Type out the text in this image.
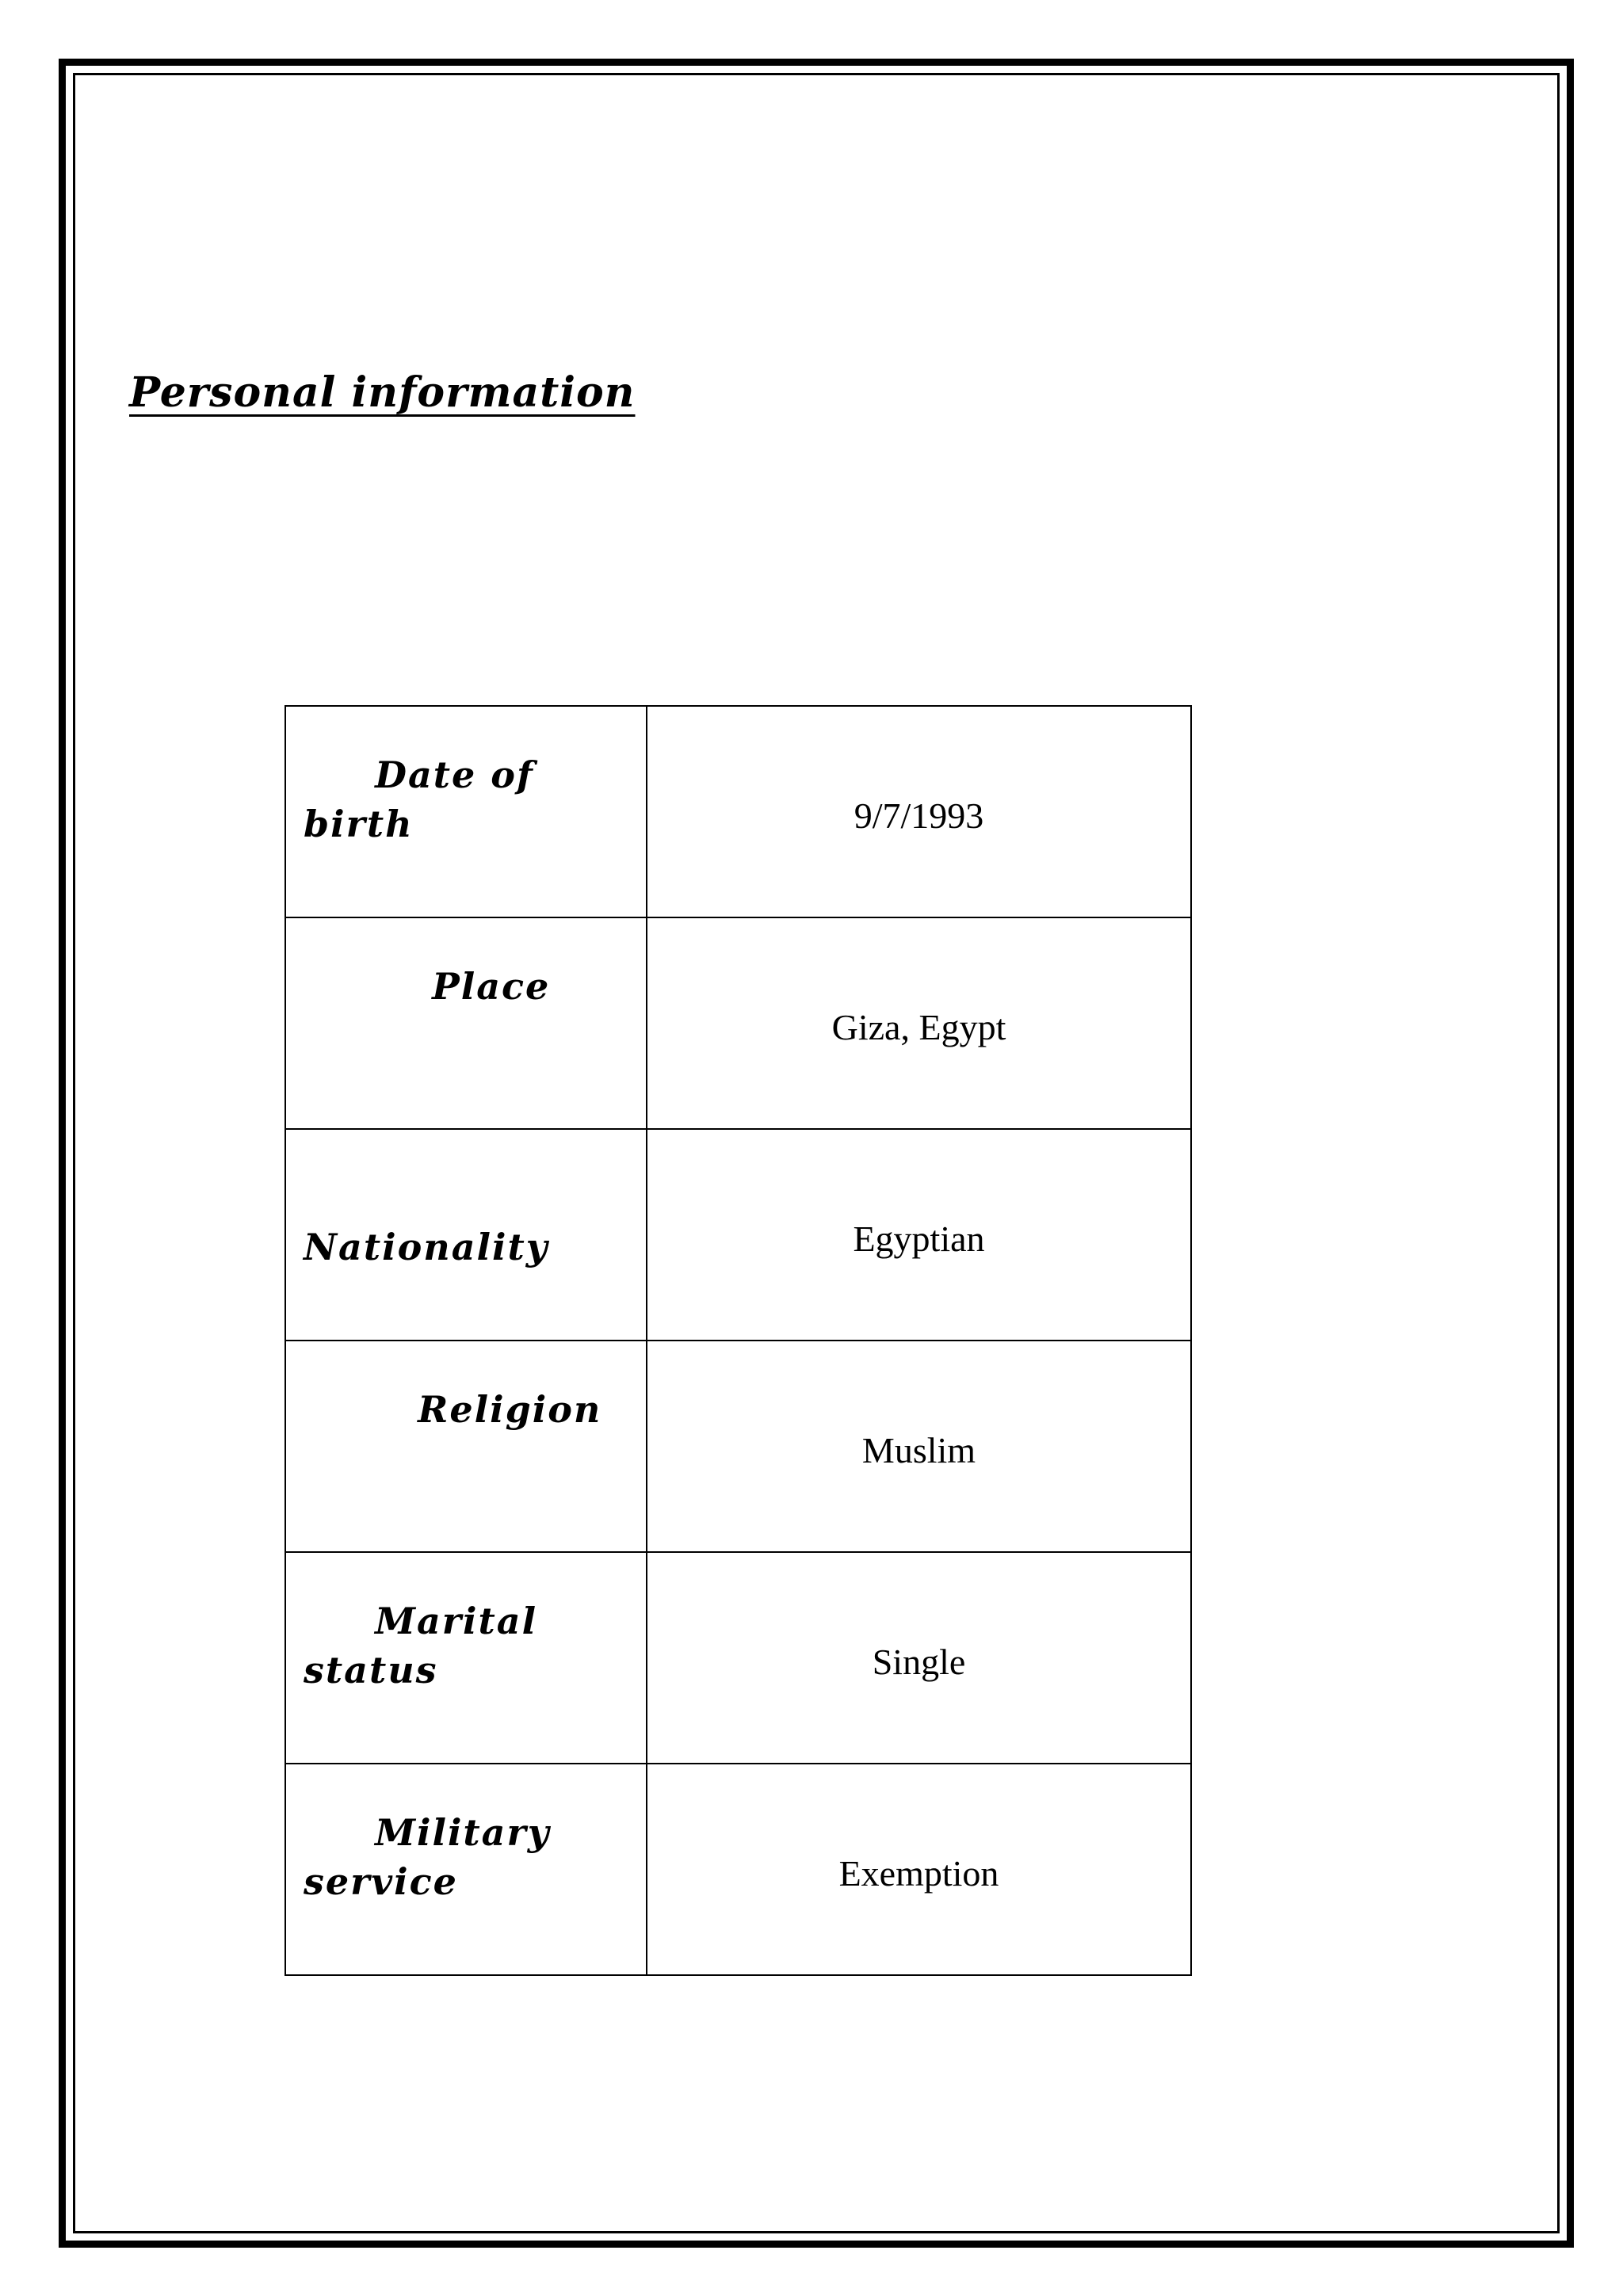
Personal information
Date of birth	9/7/1993

Place	Giza, Egypt

Nationality	Egyptian

Religion	Muslim

Marital
status	Single

Military
service	Exemption
